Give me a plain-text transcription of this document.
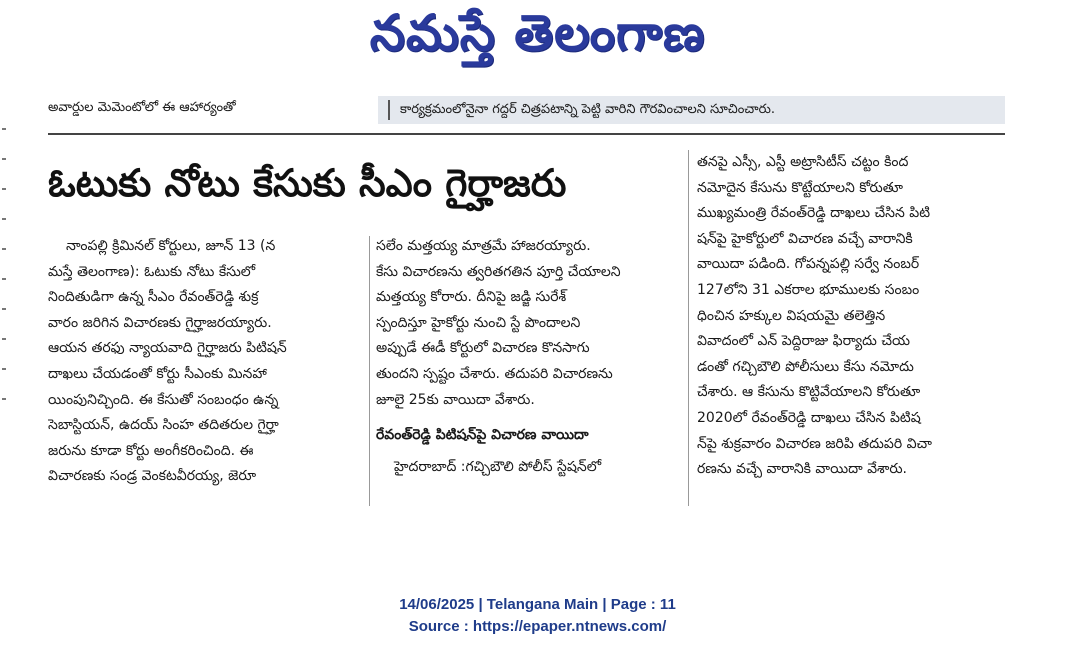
నమస్తే తెలంగాణ
అవార్డుల మెమెంటోలో ఈ ఆహార్యంతో	కార్యక్రమంలోనైనా గద్దర్ చిత్రపటాన్ని పెట్టి వారిని గౌరవించాలని సూచించారు.
ఓటుకు నోటు కేసుకు సీఎం గైర్హాజరు

నాంపల్లి క్రిమినల్ కోర్టులు, జూన్ 13 (న

మస్తే తెలంగాణ): ఓటుకు నోటు కేసులో

నిందితుడిగా ఉన్న సీఎం రేవంత్‌రెడ్డి శుక్ర

వారం జరిగిన విచారణకు గైర్హాజరయ్యారు.

ఆయన తరఫు న్యాయవాది గైర్హాజరు పిటిషన్

దాఖలు చేయడంతో కోర్టు సీఎంకు మినహా

యింపునిచ్చింది. ఈ కేసుతో సంబంధం ఉన్న

సెబాస్టియన్, ఉదయ్ సింహ తదితరుల గైర్హా

జరును కూడా కోర్టు అంగీకరించింది. ఈ

విచారణకు సండ్ర వెంకటవీరయ్య, జెరూ

సలేం మత్తయ్య మాత్రమే హాజరయ్యారు.

కేసు విచారణను త్వరితగతిన పూర్తి చేయాలని

మత్తయ్య కోరారు. దీనిపై జడ్జి సురేశ్

స్పందిస్తూ హైకోర్టు నుంచి స్టే పొందాలని

అప్పుడే ఈడీ కోర్టులో విచారణ కొనసాగు

తుందని స్పష్టం చేశారు. తదుపరి విచారణను

జూలై 25కు వాయిదా వేశారు.

రేవంత్‌రెడ్డి పిటిషన్‌పై విచారణ వాయిదా

హైదరాబాద్ :గచ్చిబౌలి పోలీస్ స్టేషన్‌లో

తనపై ఎస్సీ, ఎస్టీ అట్రాసిటీస్ చట్టం కింద

నమోదైన కేసును కొట్టేయాలని కోరుతూ

ముఖ్యమంత్రి రేవంత్‌రెడ్డి దాఖలు చేసిన పిటి

షన్‌పై హైకోర్టులో విచారణ వచ్చే వారానికి

వాయిదా పడింది. గోపన్నపల్లి సర్వే నంబర్

127లోని 31 ఎకరాల భూములకు సంబం

ధించిన హక్కుల విషయమై తలెత్తిన

వివాదంలో ఎన్ పెద్దిరాజు ఫిర్యాదు చేయ

డంతో గచ్చిబౌలి పోలీసులు కేసు నమోదు

చేశారు. ఆ కేసును కొట్టివేయాలని కోరుతూ

2020లో రేవంత్‌రెడ్డి దాఖలు చేసిన పిటిష

న్‌పై శుక్రవారం విచారణ జరిపి తదుపరి విచా

రణను వచ్చే వారానికి వాయిదా వేశారు.

14/06/2025 | Telangana Main | Page : 11
Source : https://epaper.ntnews.com/
